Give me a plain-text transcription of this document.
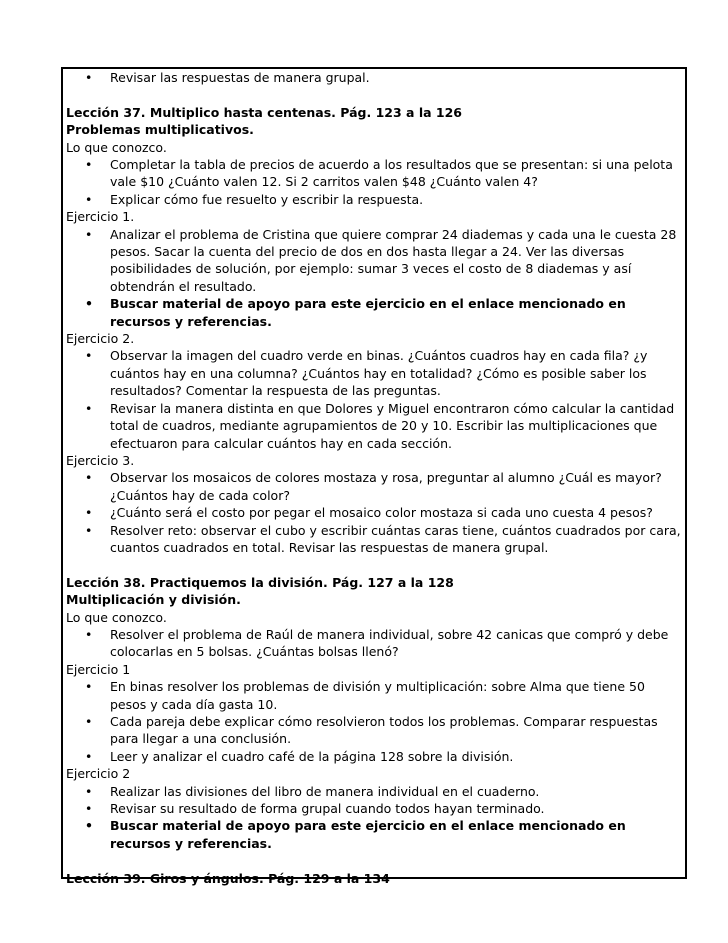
• Revisar las respuestas de manera grupal.
Lección 37. Multiplico hasta centenas. Pág. 123 a la 126
Problemas multiplicativos.
Lo que conozco.
• Completar la tabla de precios de acuerdo a los resultados que se presentan: si una pelota
vale $10 ¿Cuánto valen 12. Si 2 carritos valen $48 ¿Cuánto valen 4?
• Explicar cómo fue resuelto y escribir la respuesta.
Ejercicio 1.
• Analizar el problema de Cristina que quiere comprar 24 diademas y cada una le cuesta 28
pesos. Sacar la cuenta del precio de dos en dos hasta llegar a 24. Ver las diversas
posibilidades de solución, por ejemplo: sumar 3 veces el costo de 8 diademas y así
obtendrán el resultado.
• Buscar material de apoyo para este ejercicio en el enlace mencionado en
recursos y referencias.
Ejercicio 2.
• Observar la imagen del cuadro verde en binas. ¿Cuántos cuadros hay en cada fila? ¿y
cuántos hay en una columna? ¿Cuántos hay en totalidad? ¿Cómo es posible saber los
resultados? Comentar la respuesta de las preguntas.
• Revisar la manera distinta en que Dolores y Miguel encontraron cómo calcular la cantidad
total de cuadros, mediante agrupamientos de 20 y 10. Escribir las multiplicaciones que
efectuaron para calcular cuántos hay en cada sección.
Ejercicio 3.
• Observar los mosaicos de colores mostaza y rosa, preguntar al alumno ¿Cuál es mayor?
¿Cuántos hay de cada color?
• ¿Cuánto será el costo por pegar el mosaico color mostaza si cada uno cuesta 4 pesos?
• Resolver reto: observar el cubo y escribir cuántas caras tiene, cuántos cuadrados por cara,
cuantos cuadrados en total. Revisar las respuestas de manera grupal.
Lección 38. Practiquemos la división. Pág. 127 a la 128
Multiplicación y división.
Lo que conozco.
• Resolver el problema de Raúl de manera individual, sobre 42 canicas que compró y debe
colocarlas en 5 bolsas. ¿Cuántas bolsas llenó?
Ejercicio 1
• En binas resolver los problemas de división y multiplicación: sobre Alma que tiene 50
pesos y cada día gasta 10.
• Cada pareja debe explicar cómo resolvieron todos los problemas. Comparar respuestas
para llegar a una conclusión.
• Leer y analizar el cuadro café de la página 128 sobre la división.
Ejercicio 2
• Realizar las divisiones del libro de manera individual en el cuaderno.
• Revisar su resultado de forma grupal cuando todos hayan terminado.
• Buscar material de apoyo para este ejercicio en el enlace mencionado en
recursos y referencias.
Lección 39. Giros y ángulos. Pág. 129 a la 134
